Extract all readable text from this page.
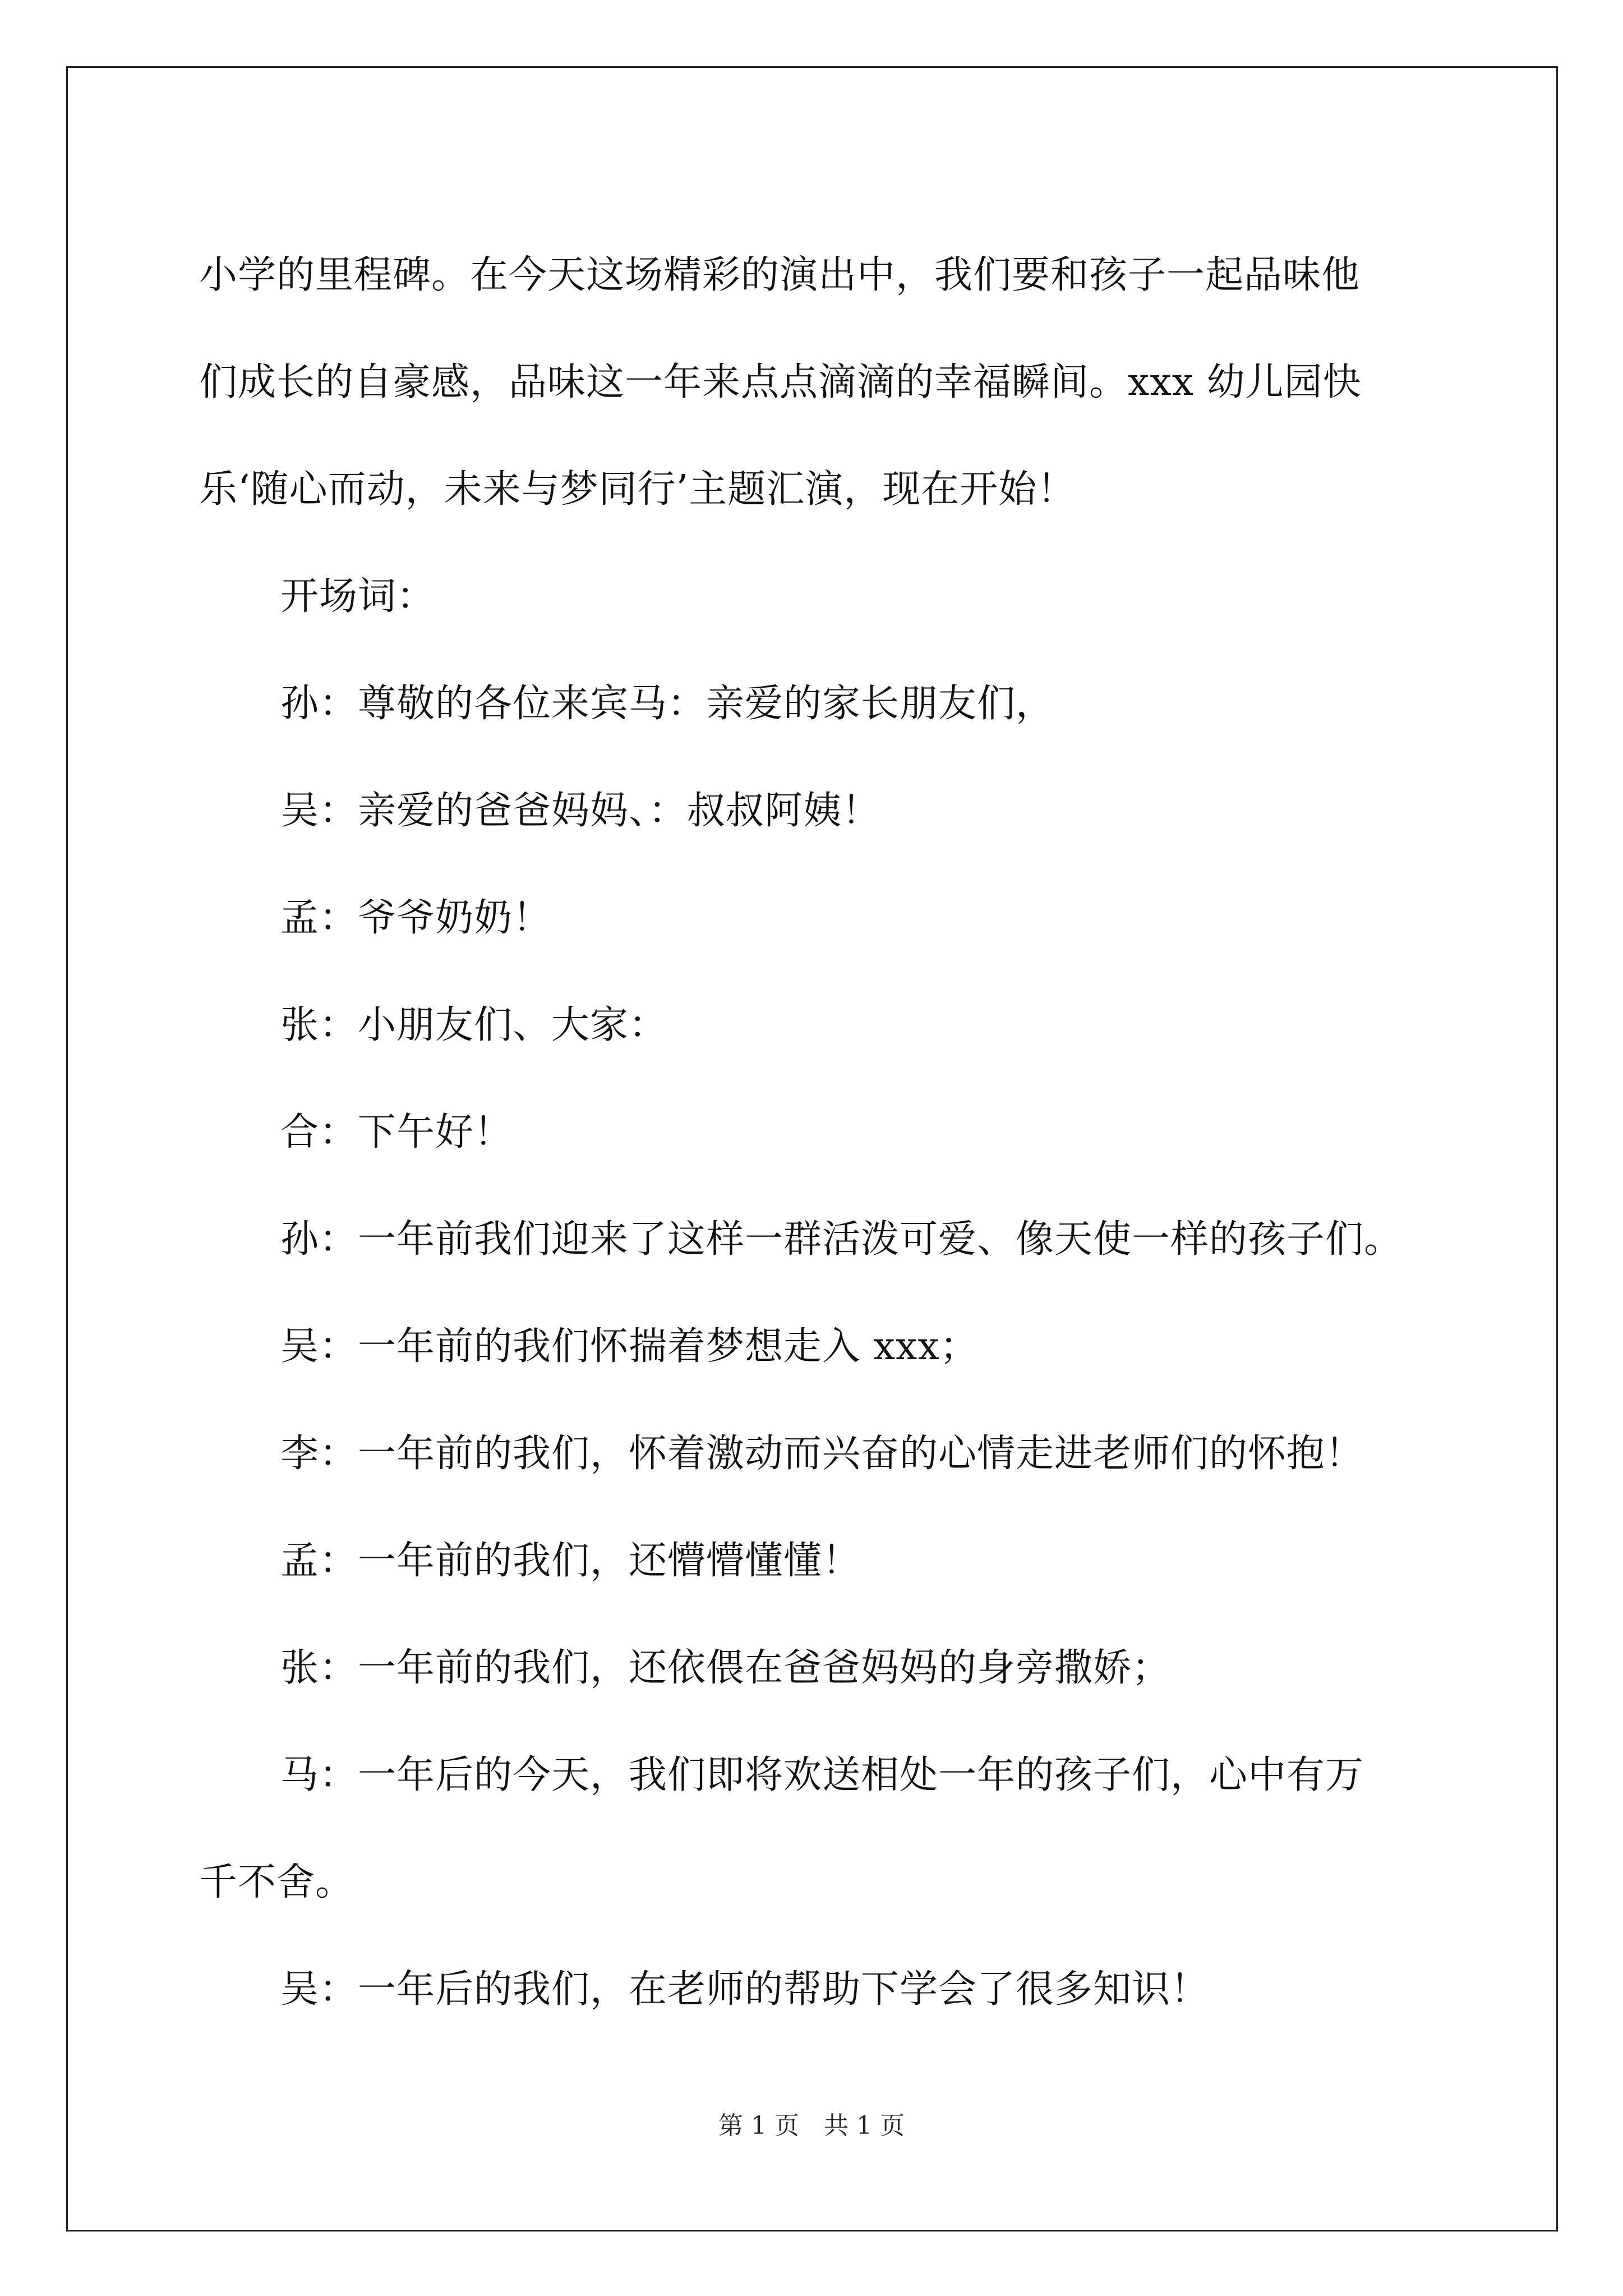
小学的里程碑。在今天这场精彩的演出中，我们要和孩子一起品味他

们成长的自豪感，品味这一年来点点滴滴的幸福瞬间。xxx 幼儿园快

乐‘随心而动，未来与梦同行’主题汇演，现在开始！

开场词：

孙：尊敬的各位来宾马：亲爱的家长朋友们，

吴：亲爱的爸爸妈妈、：叔叔阿姨！

孟：爷爷奶奶！

张：小朋友们、大家：

合：下午好！

孙：一年前我们迎来了这样一群活泼可爱、像天使一样的孩子们。

吴：一年前的我们怀揣着梦想走入 xxx；

李：一年前的我们，怀着激动而兴奋的心情走进老师们的怀抱！

孟：一年前的我们，还懵懵懂懂！

张：一年前的我们，还依偎在爸爸妈妈的身旁撒娇；

马：一年后的今天，我们即将欢送相处一年的孩子们，心中有万

千不舍。

吴：一年后的我们，在老师的帮助下学会了很多知识！

第 1 页　共 1 页
